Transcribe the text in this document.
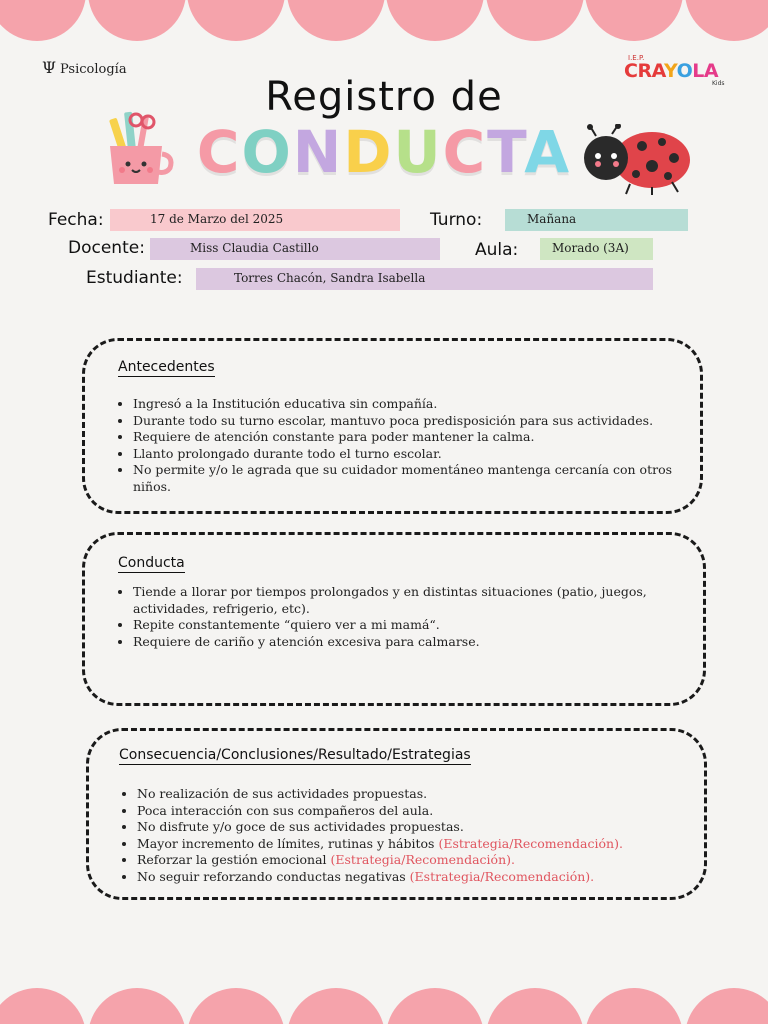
Ψ Psicología
I.E.P.
CRAYOLA
Kids
Registro de
CONDUCTA
Fecha:	17 de Marzo del 2025	Turno:	Mañana
Docente:	Miss Claudia Castillo	Aula:	Morado (3A)
Estudiante:	Torres Chacón, Sandra Isabella
Antecedentes
• Ingresó a la Institución educativa sin compañía.
• Durante todo su turno escolar, mantuvo poca predisposición para sus actividades.
• Requiere de atención constante para poder mantener la calma.
• Llanto prolongado durante todo el turno escolar.
• No permite y/o le agrada que su cuidador momentáneo mantenga cercanía con otros niños.
Conducta
• Tiende a llorar por tiempos prolongados y en distintas situaciones (patio, juegos, actividades, refrigerio, etc).
• Repite constantemente “quiero ver a mi mamá“.
• Requiere de cariño y atención excesiva para calmarse.
Consecuencia/Conclusiones/Resultado/Estrategias
• No realización de sus actividades propuestas.
• Poca interacción con sus compañeros del aula.
• No disfrute y/o goce de sus actividades propuestas.
• Mayor incremento de límites, rutinas y hábitos (Estrategia/Recomendación).
• Reforzar la gestión emocional (Estrategia/Recomendación).
• No seguir reforzando conductas negativas (Estrategia/Recomendación).
